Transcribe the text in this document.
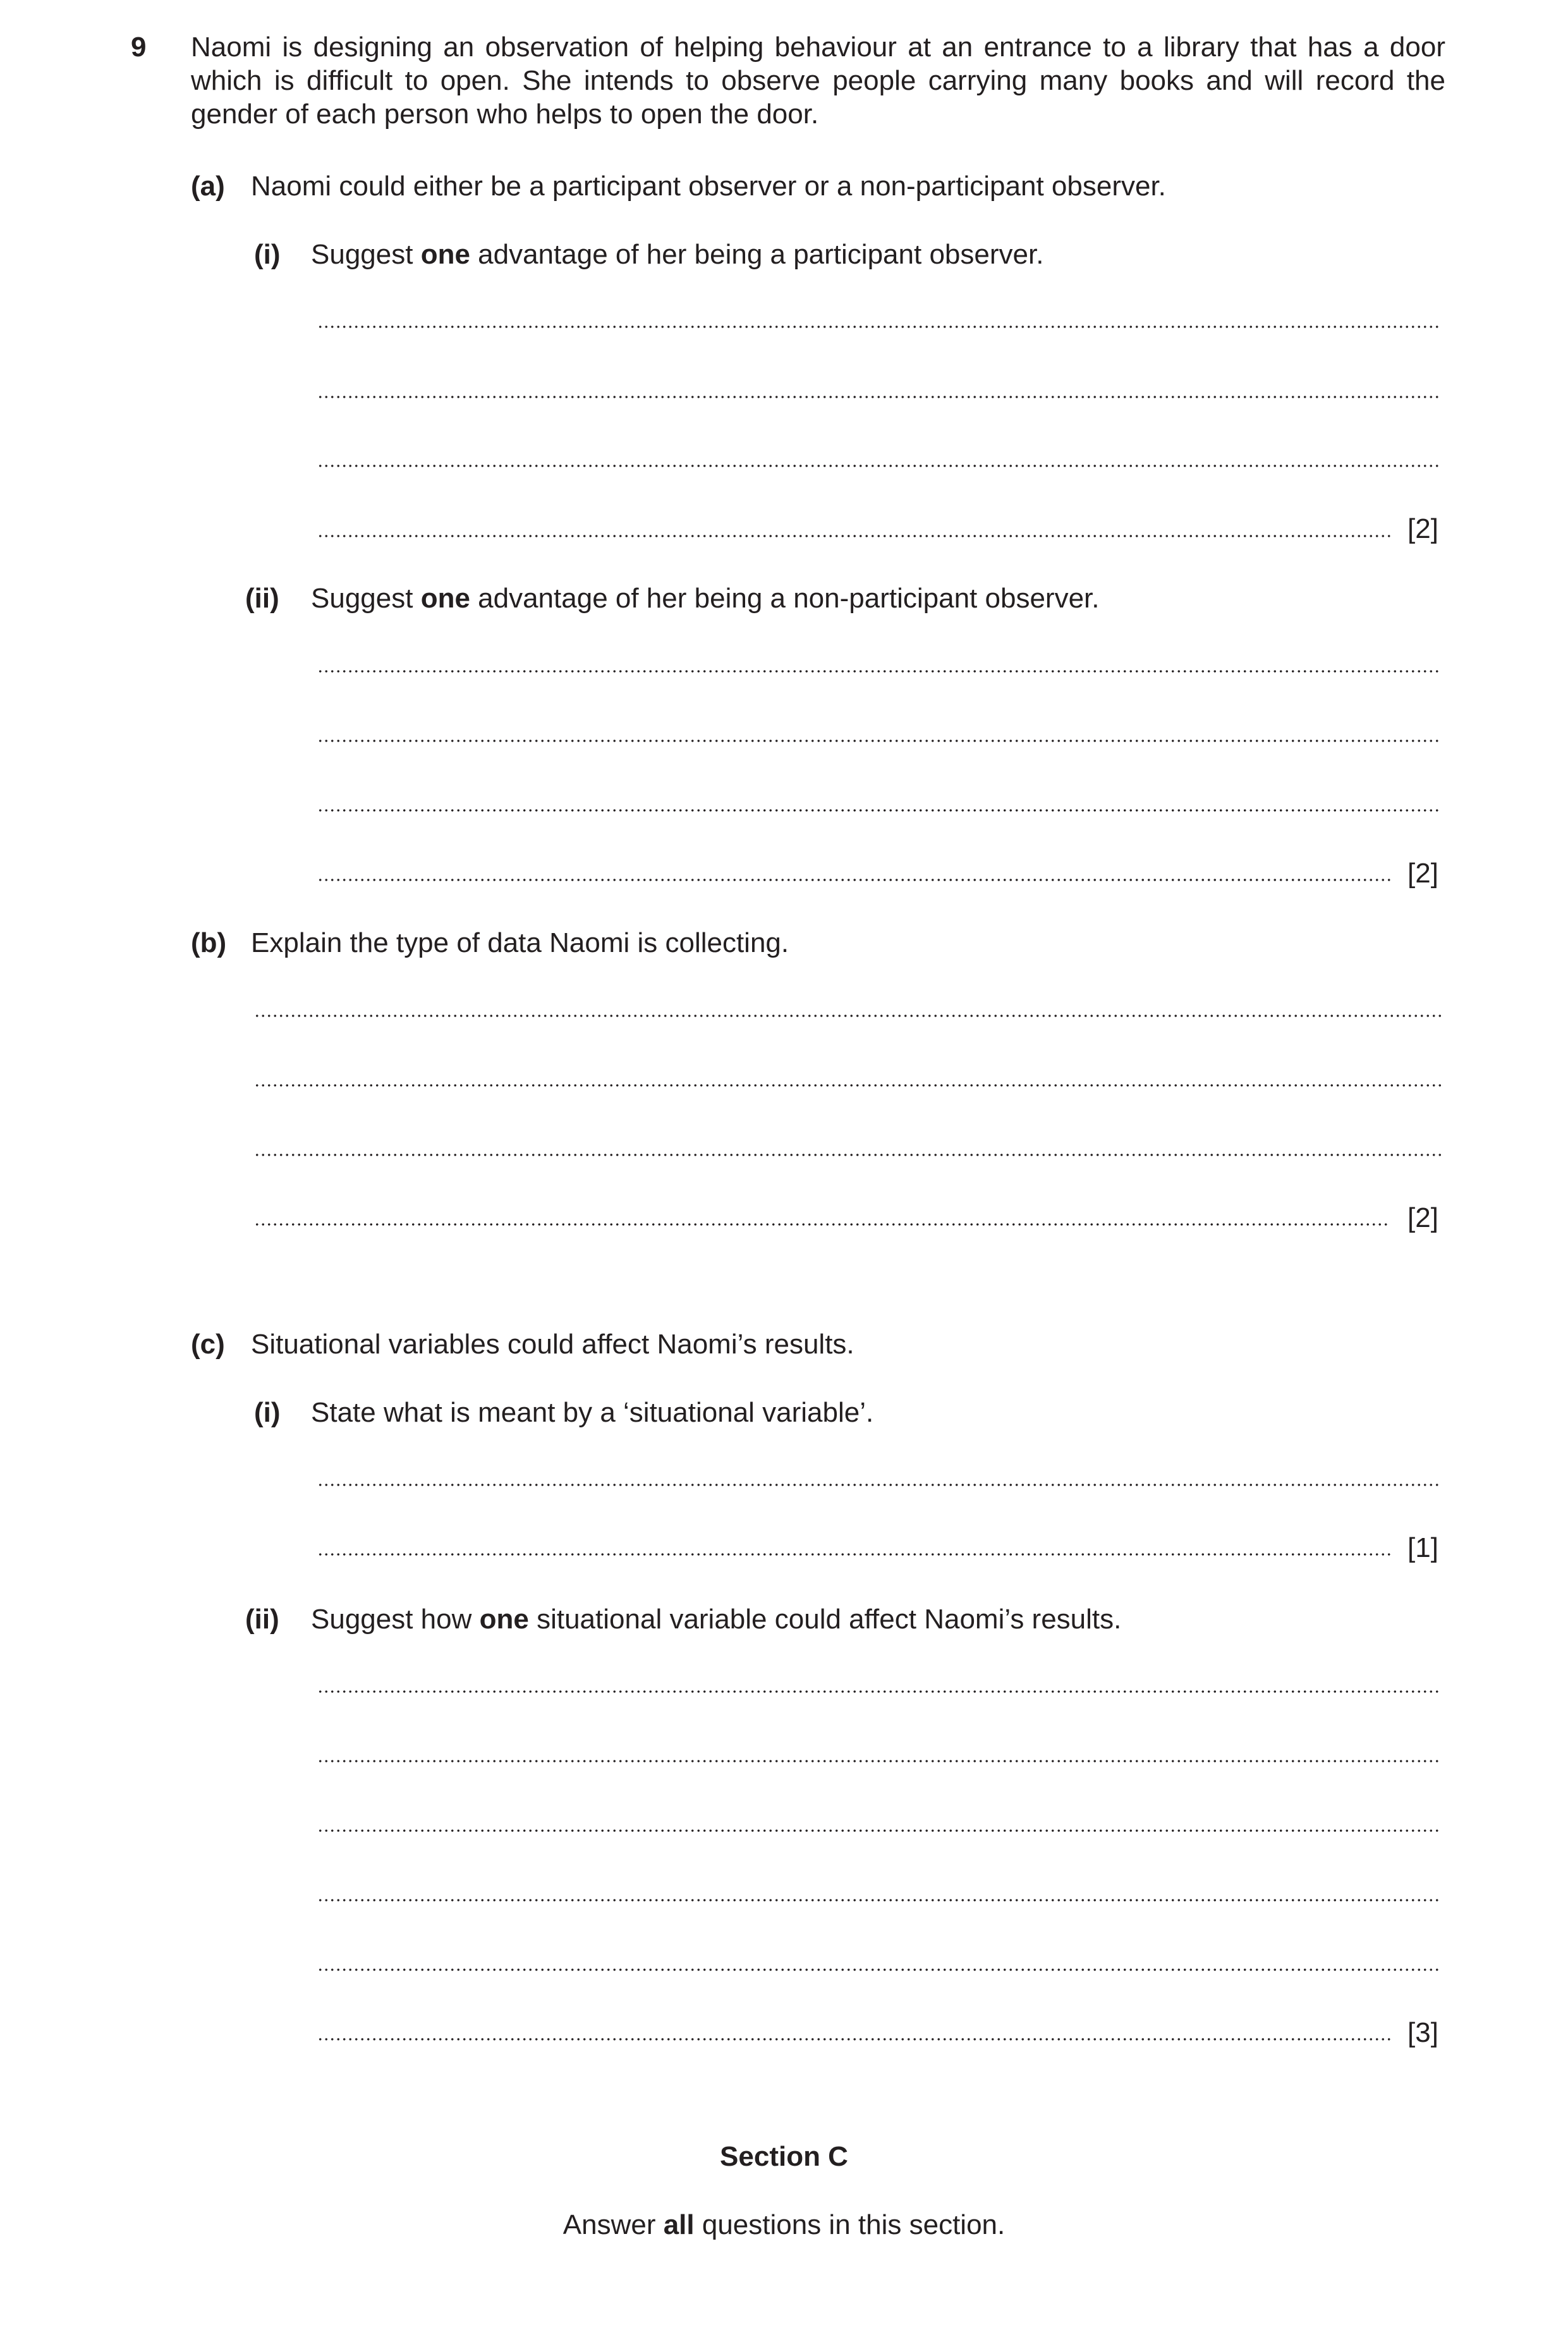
9 Naomi is designing an observation of helping behaviour at an entrance to a library that has a door
which is difficult to open. She intends to observe people carrying many books and will record the
gender of each person who helps to open the door.
(a) Naomi could either be a participant observer or a non-participant observer.
(i) Suggest one advantage of her being a participant observer.
[2]
(ii) Suggest one advantage of her being a non-participant observer.
[2]
(b) Explain the type of data Naomi is collecting.
[2]
(c) Situational variables could affect Naomi’s results.
(i) State what is meant by a ‘situational variable’.
[1]
(ii) Suggest how one situational variable could affect Naomi’s results.
[3]
Section C
Answer all questions in this section.
